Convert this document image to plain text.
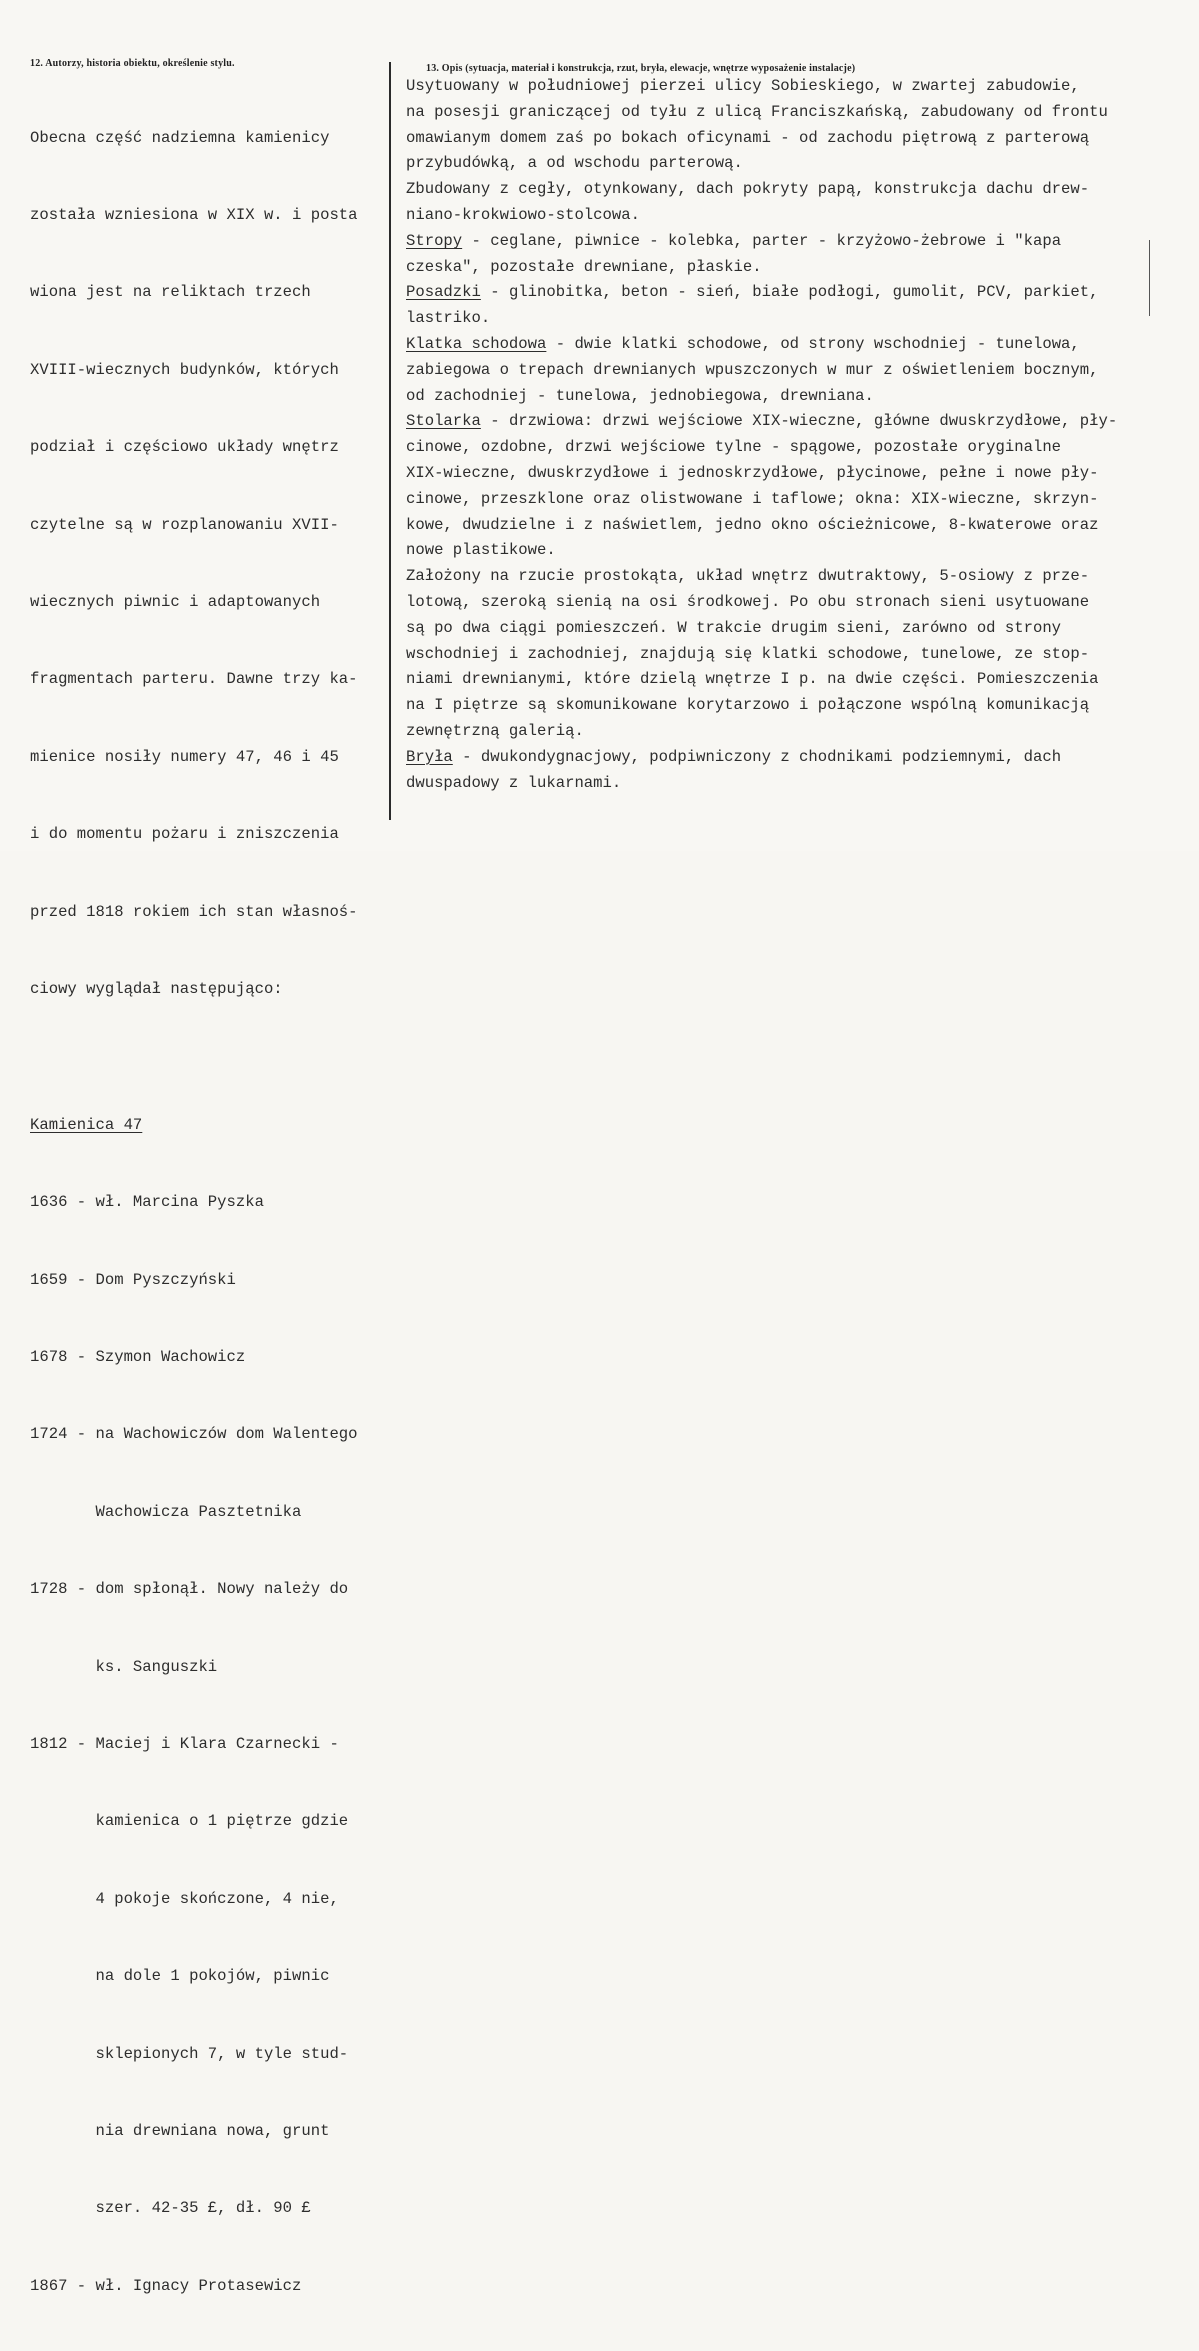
12. Autorzy, historia obiektu, określenie stylu.	13. Opis (sytuacja, materiał i konstrukcja, rzut, bryła, elewacje, wnętrze wyposażenie instalacje)

Obecna część nadziemna kamienicy

została wzniesiona w XIX w. i posta

wiona jest na reliktach trzech

XVIII-wiecznych budynków, których

podział i częściowo układy wnętrz

czytelne są w rozplanowaniu XVII-

wiecznych piwnic i adaptowanych

fragmentach parteru. Dawne trzy ka-

mienice nosiły numery 47, 46 i 45

i do momentu pożaru i zniszczenia

przed 1818 rokiem ich stan własnoś-

ciowy wyglądał następująco:

Kamienica 47

1636 - wł. Marcina Pyszka

1659 - Dom Pyszczyński

1678 - Szymon Wachowicz

1724 - na Wachowiczów dom Walentego

Wachowicza Pasztetnika

1728 - dom spłonął. Nowy należy do

ks. Sanguszki

1812 - Maciej i Klara Czarnecki -

kamienica o 1 piętrze gdzie

4 pokoje skończone, 4 nie,

na dole 1 pokojów, piwnic

sklepionych 7, w tyle stud-

nia drewniana nowa, grunt

szer. 42-35 £, dł. 90 £

1867 - wł. Ignacy Protasewicz

Usytuowany w południowej pierzei ulicy Sobieskiego, w zwartej zabudowie,
na posesji graniczącej od tyłu z ulicą Franciszkańską, zabudowany od frontu
omawianym domem zaś po bokach oficynami - od zachodu piętrową z parterową
przybudówką, a od wschodu parterową.
Zbudowany z cegły, otynkowany, dach pokryty papą, konstrukcja dachu drew-
niano-krokwiowo-stolcowa.
Stropy - ceglane, piwnice - kolebka, parter - krzyżowo-żebrowe i "kapa
czeska", pozostałe drewniane, płaskie.
Posadzki - glinobitka, beton - sień, białe podłogi, gumolit, PCV, parkiet,
lastriko.
Klatka schodowa - dwie klatki schodowe, od strony wschodniej - tunelowa,
zabiegowa o trepach drewnianych wpuszczonych w mur z oświetleniem bocznym,
od zachodniej - tunelowa, jednobiegowa, drewniana.
Stolarka - drzwiowa: drzwi wejściowe XIX-wieczne, główne dwuskrzydłowe, pły-
cinowe, ozdobne, drzwi wejściowe tylne - spągowe, pozostałe oryginalne
XIX-wieczne, dwuskrzydłowe i jednoskrzydłowe, płycinowe, pełne i nowe pły-
cinowe, przeszklone oraz olistwowane i taflowe; okna: XIX-wieczne, skrzyn-
kowe, dwudzielne i z naświetlem, jedno okno ościeżnicowe, 8-kwaterowe oraz
nowe plastikowe.
Założony na rzucie prostokąta, układ wnętrz dwutraktowy, 5-osiowy z prze-
lotową, szeroką sienią na osi środkowej. Po obu stronach sieni usytuowane
są po dwa ciągi pomieszczeń. W trakcie drugim sieni, zarówno od strony
wschodniej i zachodniej, znajdują się klatki schodowe, tunelowe, ze stop-
niami drewnianymi, które dzielą wnętrze I p. na dwie części. Pomieszczenia
na I piętrze są skomunikowane korytarzowo i połączone wspólną komunikacją
zewnętrzną galerią.
Bryła - dwukondygnacjowy, podpiwniczony z chodnikami podziemnymi, dach
dwuspadowy z lukarnami.
